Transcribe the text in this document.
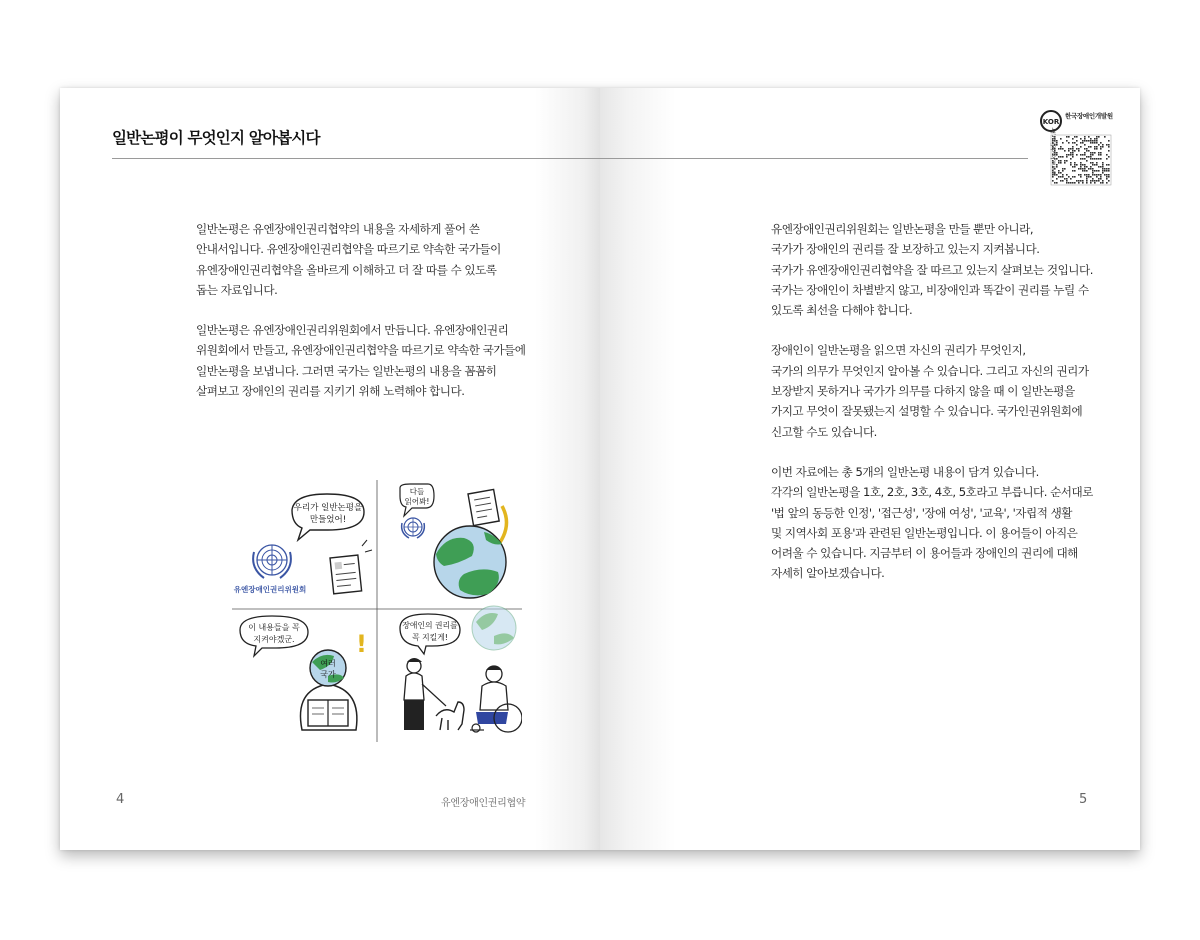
일반논평이 무엇인지 알아봅시다
일반논평은 유엔장애인권리협약의 내용을 자세하게 풀어 쓴
안내서입니다. 유엔장애인권리협약을 따르기로 약속한 국가들이
유엔장애인권리협약을 올바르게 이해하고 더 잘 따를 수 있도록
돕는 자료입니다.
일반논평은 유엔장애인권리위원회에서 만듭니다. 유엔장애인권리
위원회에서 만들고, 유엔장애인권리협약을 따르기로 약속한 국가들에
일반논평을 보냅니다. 그러면 국가는 일반논평의 내용을 꼼꼼히
살펴보고 장애인의 권리를 지키기 위해 노력해야 합니다.
우리가 일반논평을
만들었어!
유엔장애인권리위원회
다들
읽어봐!
이 내용들을 꼭
지켜야겠군.	!
여러
국가
장애인의 권리를
꼭 지킬게!
4	유엔장애인권리협약
유엔장애인권리위원회는 일반논평을 만들 뿐만 아니라,
국가가 장애인의 권리를 잘 보장하고 있는지 지켜봅니다.
국가가 유엔장애인권리협약을 잘 따르고 있는지 살펴보는 것입니다.
국가는 장애인이 차별받지 않고, 비장애인과 똑같이 권리를 누릴 수
있도록 최선을 다해야 합니다.
장애인이 일반논평을 읽으면 자신의 권리가 무엇인지,
국가의 의무가 무엇인지 알아볼 수 있습니다. 그리고 자신의 권리가
보장받지 못하거나 국가가 의무를 다하지 않을 때 이 일반논평을
가지고 무엇이 잘못됐는지 설명할 수 있습니다. 국가인권위원회에
신고할 수도 있습니다.
이번 자료에는 총 5개의 일반논평 내용이 담겨 있습니다.
각각의 일반논평을 1호, 2호, 3호, 4호, 5호라고 부릅니다. 순서대로
'법 앞의 동등한 인정', '접근성', '장애 여성', '교육', '자립적 생활
및 지역사회 포용'과 관련된 일반논평입니다. 이 용어들이 아직은
어려울 수 있습니다. 지금부터 이 용어들과 장애인의 권리에 대해
자세히 알아보겠습니다.
KOR
한국장애인개발원
www.koddi.or.kr
5
